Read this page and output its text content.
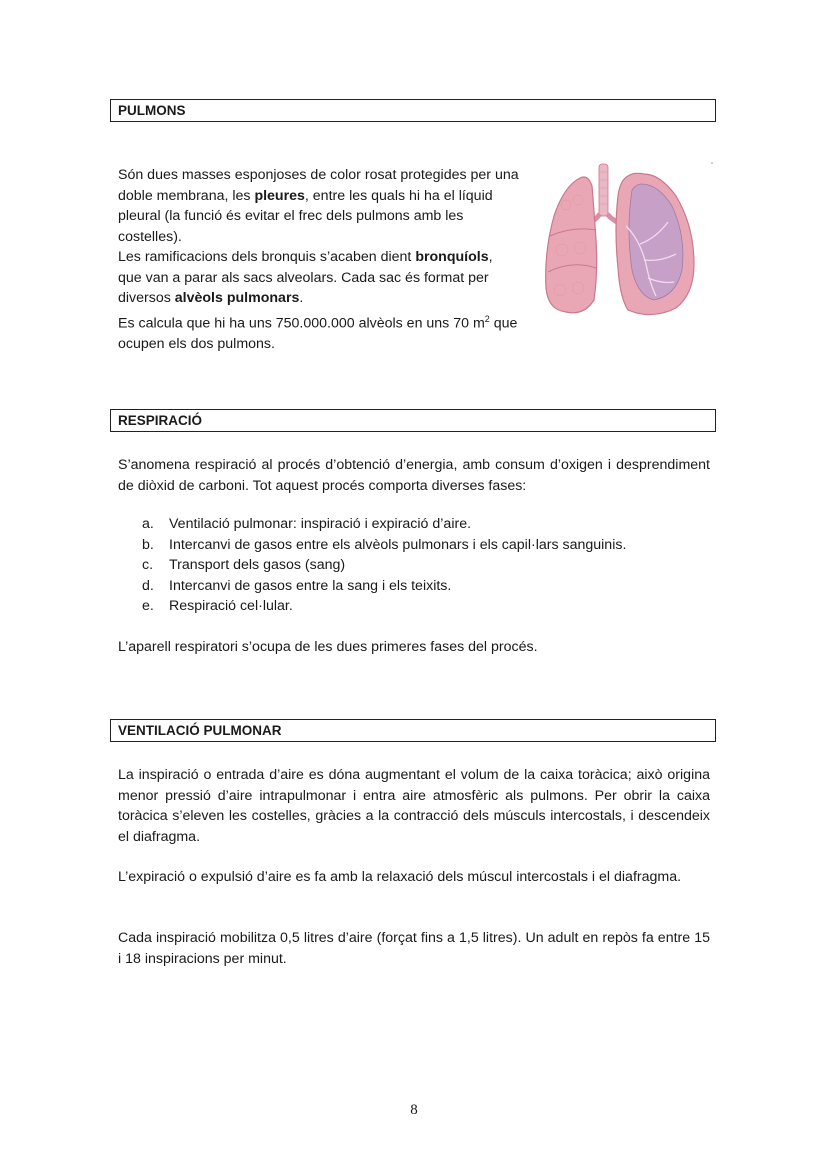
PULMONS
Són dues masses esponjoses de color rosat protegides per una doble membrana, les pleures, entre les quals hi ha el líquid pleural (la funció és evitar el frec dels pulmons amb les costelles).
Les ramificacions dels bronquis s’acaben dient bronquíols, que van a parar als sacs alveolars. Cada sac és format per diversos alvèols pulmonars.
Es calcula que hi ha uns 750.000.000 alvèols en uns 70 $m^2$ que ocupen els dos pulmons.
RESPIRACIÓ
S’anomena respiració al procés d’obtenció d’energia, amb consum d’oxigen i desprendiment de diòxid de carboni. Tot aquest procés comporta diverses fases:
a. Ventilació pulmonar: inspiració i expiració d’aire.
b. Intercanvi de gasos entre els alvèols pulmonars i els capil·lars sanguinis.
c. Transport dels gasos (sang)
d. Intercanvi de gasos entre la sang i els teixits.
e. Respiració cel·lular.
L’aparell respiratori s’ocupa de les dues primeres fases del procés.
VENTILACIÓ PULMONAR
La inspiració o entrada d’aire es dóna augmentant el volum de la caixa toràcica; això origina menor pressió d’aire intrapulmonar i entra aire atmosfèric als pulmons. Per obrir la caixa toràcica s’eleven les costelles, gràcies a la contracció dels músculs intercostals, i descendeix el diafragma.
L’expiració o expulsió d’aire es fa amb la relaxació dels múscul intercostals i el diafragma.
Cada inspiració mobilitza 0,5 litres d’aire (forçat fins a 1,5 litres). Un adult en repòs fa entre 15 i 18 inspiracions per minut.
8
